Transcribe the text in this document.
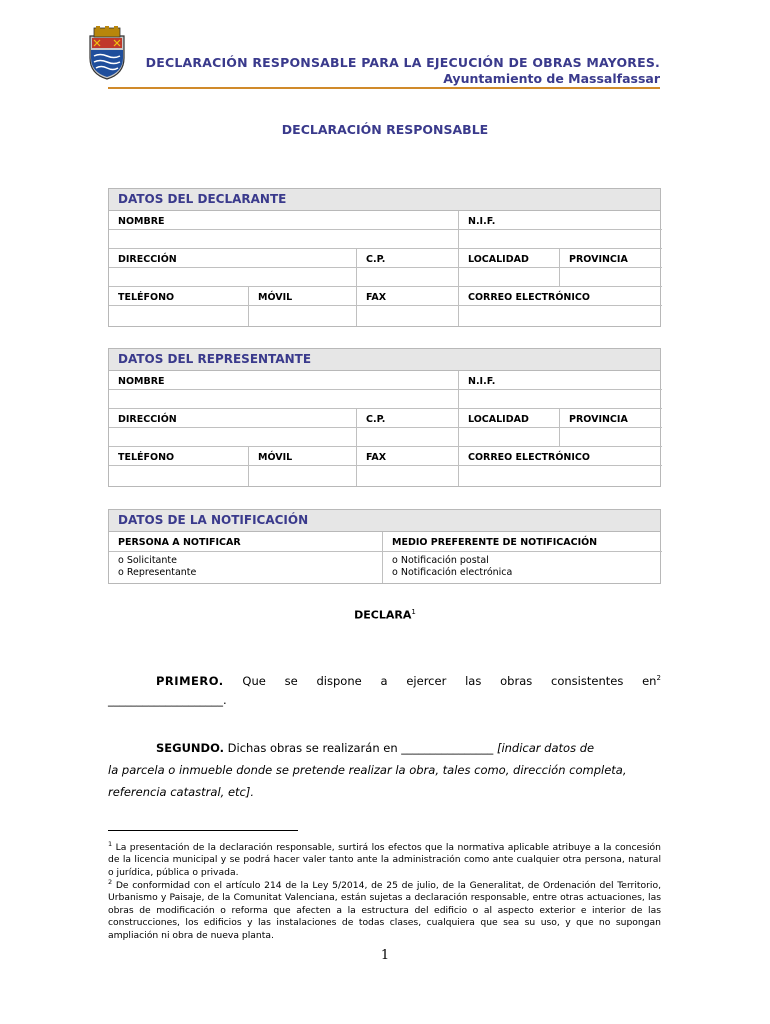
DECLARACIÓN RESPONSABLE PARA LA EJECUCIÓN DE OBRAS MAYORES.
Ayuntamiento de Massalfassar
DECLARACIÓN RESPONSABLE
DATOS DEL DECLARANTE
NOMBRE	N.I.F.
DIRECCIÓN	C.P.	LOCALIDAD	PROVINCIA
TELÉFONO	MÓVIL	FAX	CORREO ELECTRÓNICO
DATOS DEL REPRESENTANTE
NOMBRE	N.I.F.
DIRECCIÓN	C.P.	LOCALIDAD	PROVINCIA
TELÉFONO	MÓVIL	FAX	CORREO ELECTRÓNICO
DATOS DE LA NOTIFICACIÓN
PERSONA A NOTIFICAR	MEDIO PREFERENTE DE NOTIFICACIÓN
o Solicitante
o Representante
o Notificación postal
o Notificación electrónica
DECLARA$^1$
PRIMERO. Que se dispone a ejercer las obras consistentes $en^2$
____________________.
SEGUNDO. Dichas obras se realizarán en ________________ [indicar datos de
la parcela o inmueble donde se pretende realizar la obra, tales como, dirección completa,
referencia catastral, etc].
$^1$ La presentación de la declaración responsable, surtirá los efectos que la normativa aplicable atribuye a la concesión de la licencia municipal y se podrá hacer valer tanto ante la administración como ante cualquier otra persona, natural o jurídica, pública o privada.
$^2$ De conformidad con el artículo 214 de la Ley 5/2014, de 25 de julio, de la Generalitat, de Ordenación del Territorio, Urbanismo y Paisaje, de la Comunitat Valenciana, están sujetas a declaración responsable, entre otras actuaciones, las obras de modificación o reforma que afecten a la estructura del edificio o al aspecto exterior e interior de las construcciones, los edificios y las instalaciones de todas clases, cualquiera que sea su uso, y que no supongan ampliación ni obra de nueva planta.
1
